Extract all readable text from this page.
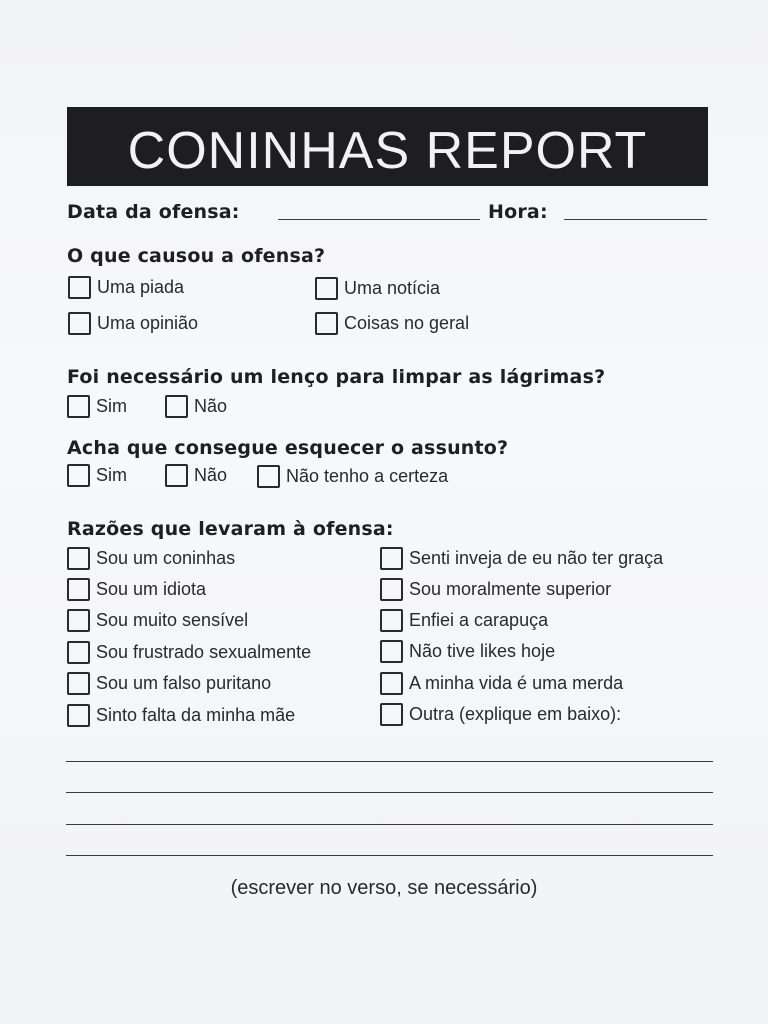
CONINHAS REPORT
Data da ofensa:	Hora:
O que causou a ofensa?
Uma piada	Uma notícia
Uma opinião	Coisas no geral
Foi necessário um lenço para limpar as lágrimas?
Sim	Não
Acha que consegue esquecer o assunto?
Sim	Não	Não tenho a certeza
Razões que levaram à ofensa:
Sou um coninhas	Senti inveja de eu não ter graça
Sou um idiota	Sou moralmente superior
Sou muito sensível	Enfiei a carapuça
Sou frustrado sexualmente	Não tive likes hoje
Sou um falso puritano	A minha vida é uma merda
Sinto falta da minha mãe	Outra (explique em baixo):
(escrever no verso, se necessário)
